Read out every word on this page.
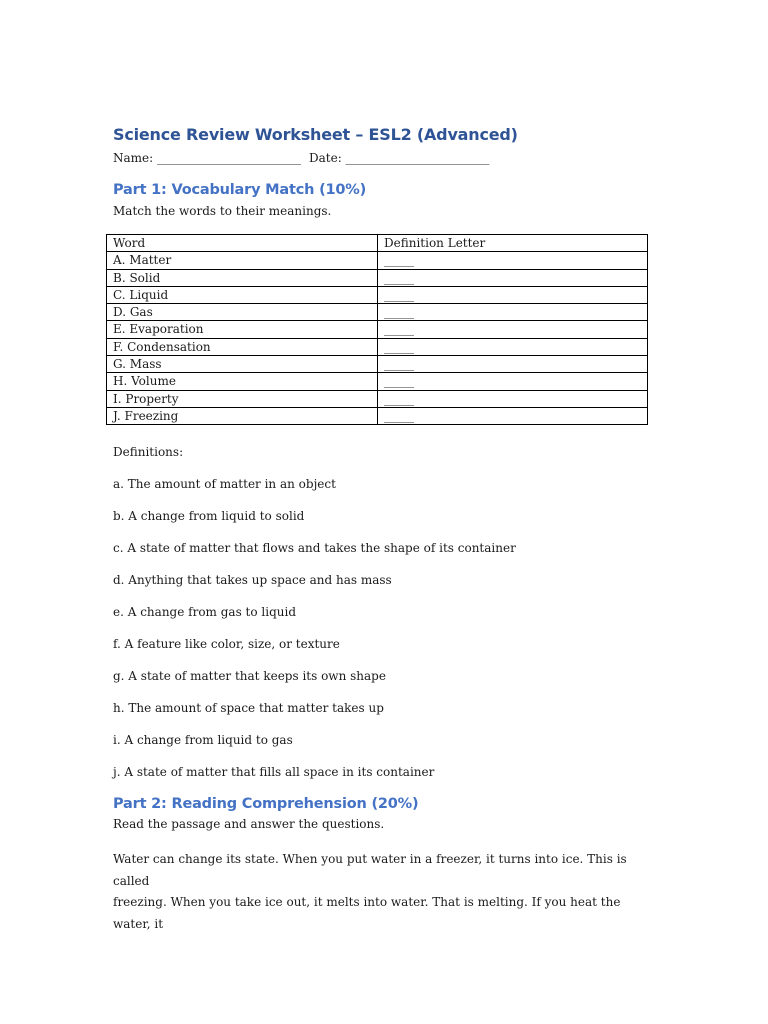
Science Review Worksheet – ESL2 (Advanced)
Name: ________________________ Date: ________________________
Part 1: Vocabulary Match (10%)

Match the words to their meanings.

Word	Definition Letter
A. Matter	_____
B. Solid	_____
C. Liquid	_____
D. Gas	_____
E. Evaporation	_____
F. Condensation	_____
G. Mass	_____
H. Volume	_____
I. Property	_____
J. Freezing	_____

Definitions:

a. The amount of matter in an object

b. A change from liquid to solid

c. A state of matter that flows and takes the shape of its container

d. Anything that takes up space and has mass

e. A change from gas to liquid

f. A feature like color, size, or texture

g. A state of matter that keeps its own shape

h. The amount of space that matter takes up

i. A change from liquid to gas

j. A state of matter that fills all space in its container

Part 2: Reading Comprehension (20%)

Read the passage and answer the questions.

Water can change its state. When you put water in a freezer, it turns into ice. This is called

freezing. When you take ice out, it melts into water. That is melting. If you heat the water, it
